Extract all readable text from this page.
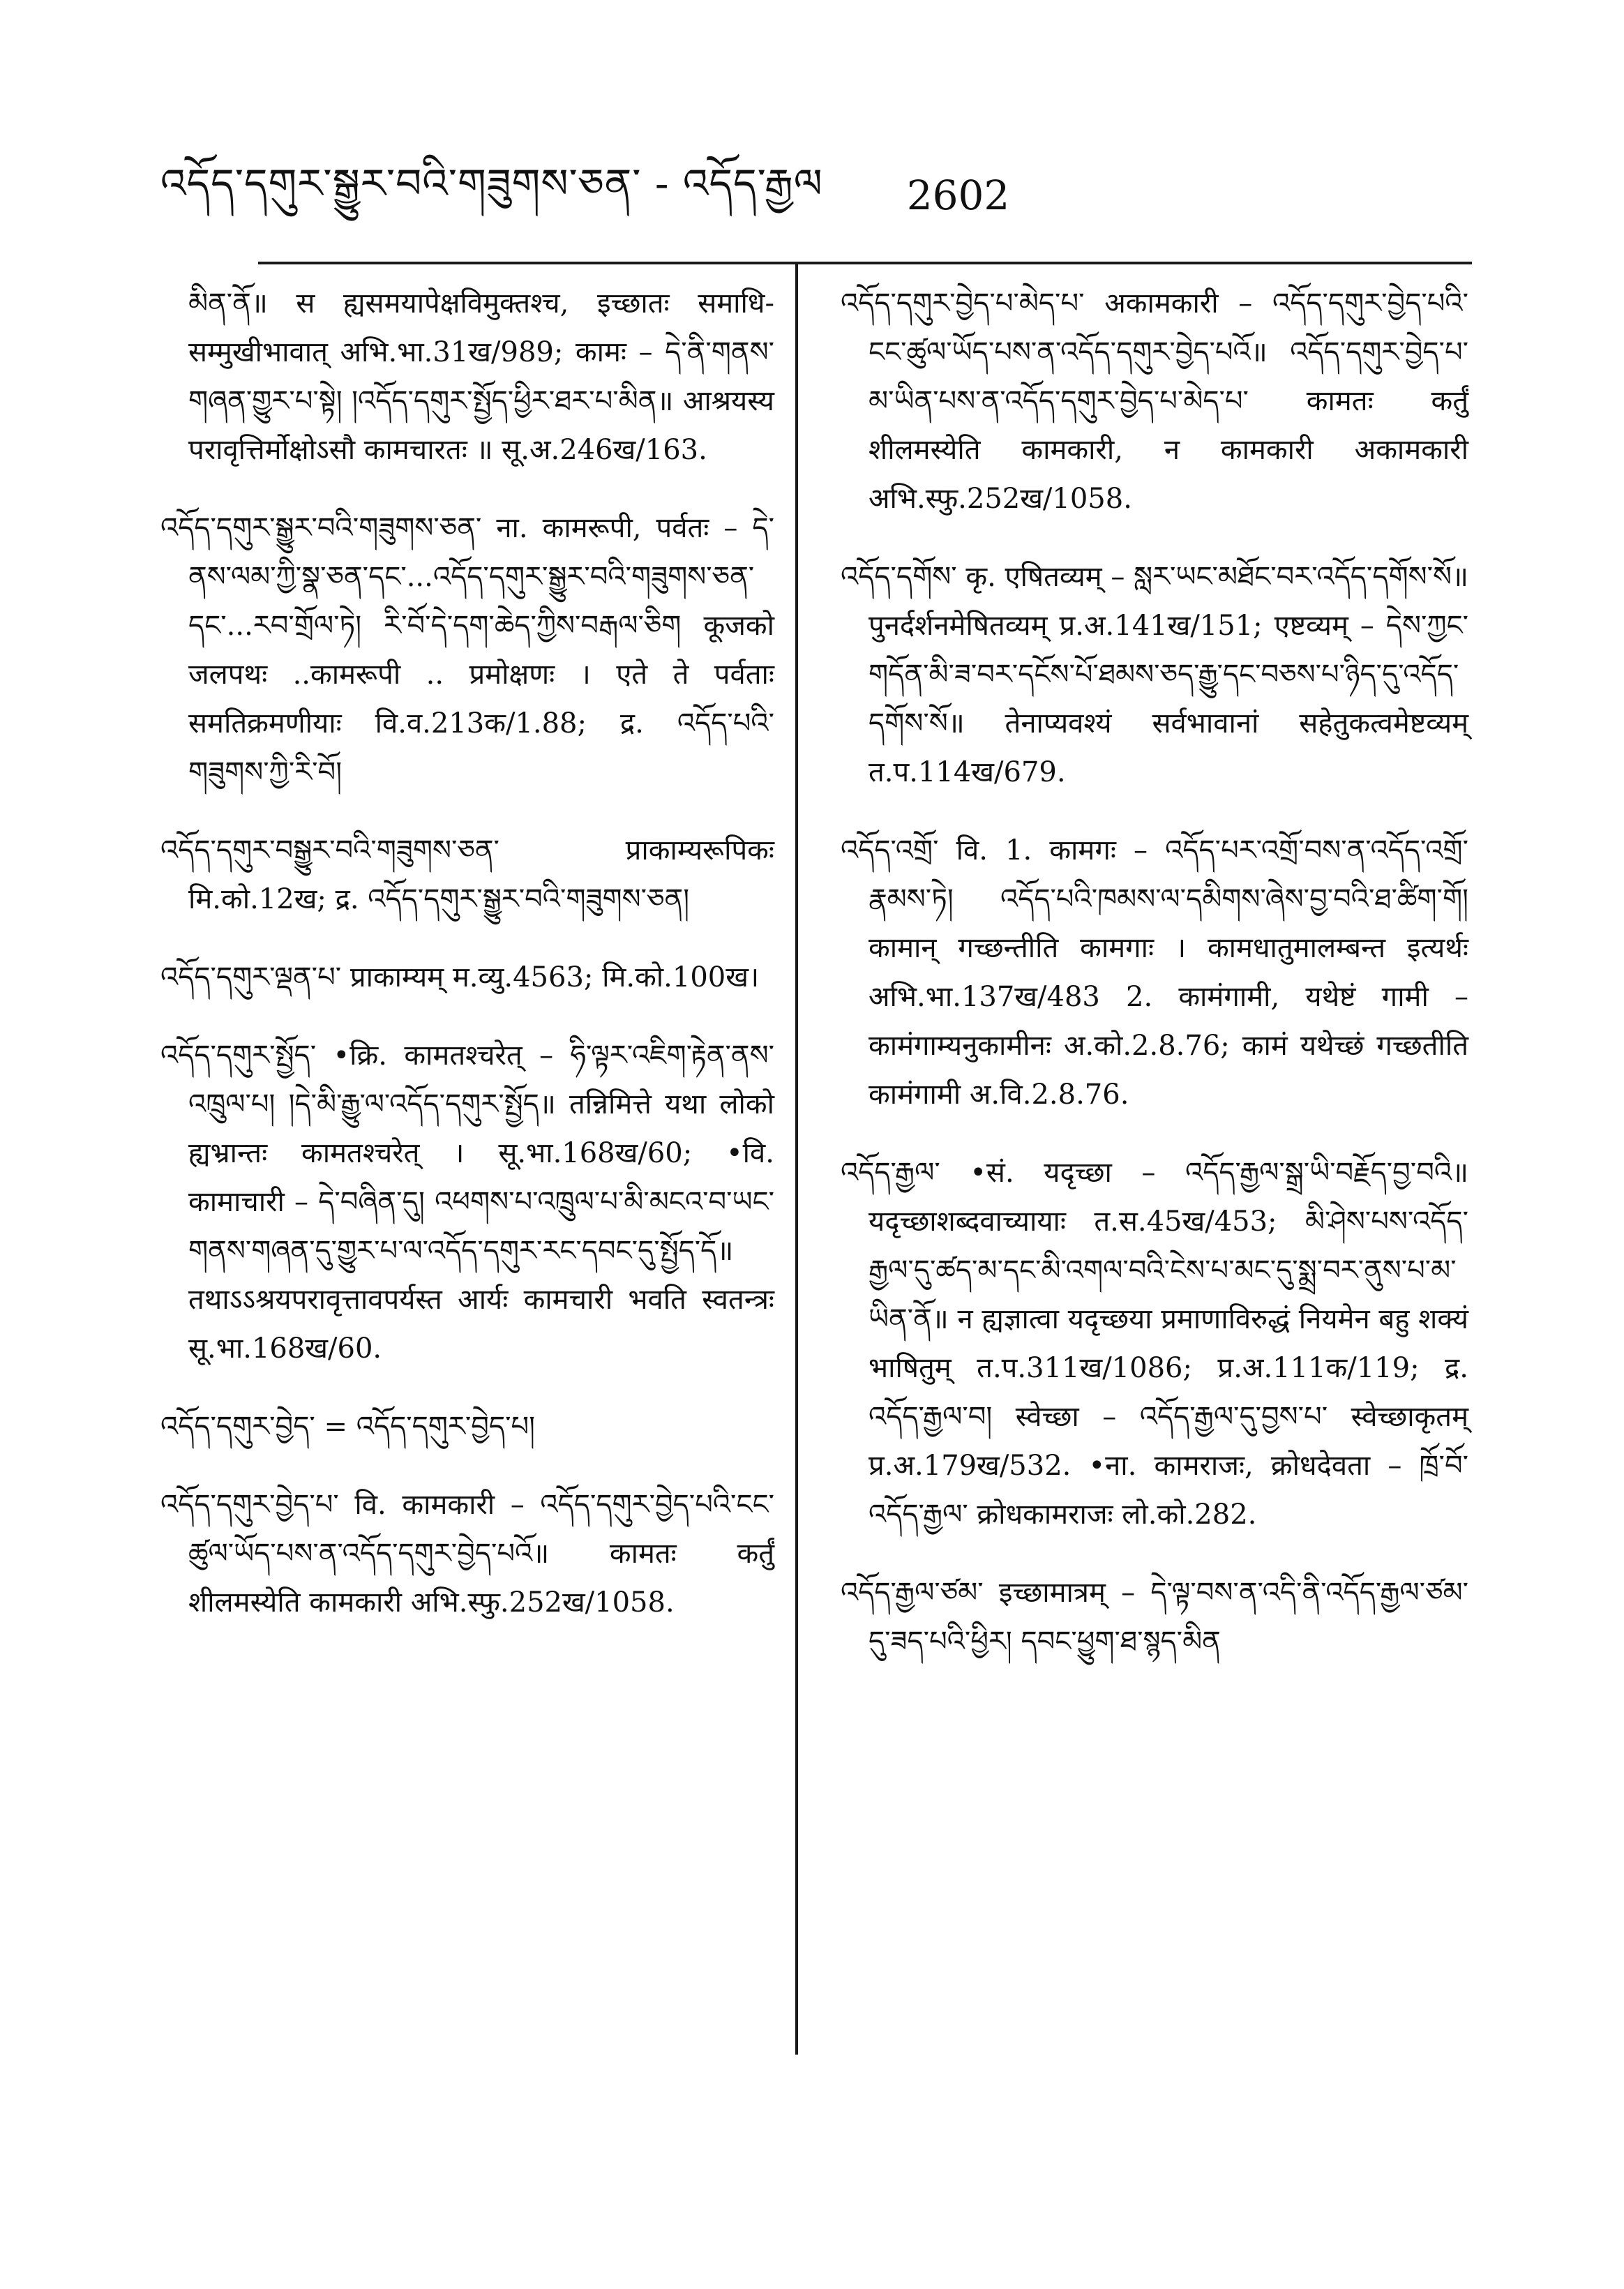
འདོད་དགུར་སྒྱུར་བའི་གཟུགས་ཅན་ - འདོད་རྒྱལ 2602

མིན་ནོ॥ स ह्यसमयापेक्षविमुक्तश्च, इच्छातः समाधि-सम्मुखीभावात् अभि.भा.31ख/989; कामः – དེ་ནི་གནས་གཞན་གྱུར་པ་སྟེ། །འདོད་དགུར་སྤྱོད་ཕྱིར་ཐར་པ་མིན॥ आश्रयस्य परावृत्तिर्मोक्षोऽसौ कामचारतः ॥ सू.अ.246ख/163.

འདོད་དགུར་སྒྱུར་བའི་གཟུགས་ཅན་ ना. कामरूपी, पर्वतः – དེ་ནས་ལམ་ཀྱི་སྣ་ཅན་དང་...འདོད་དགུར་སྒྱུར་བའི་གཟུགས་ཅན་དང་...རབ་གྲོལ་ཏེ། རི་བོ་དེ་དག་ཆེད་ཀྱིས་བརྒལ་ཅིག कूजको जलपथः ..कामरूपी .. प्रमोक्षणः । एते ते पर्वताः समतिक्रमणीयाः वि.व.213क/1.88; द्र. འདོད་པའི་གཟུགས་ཀྱི་རི་བོ།

འདོད་དགུར་བསྒྱུར་བའི་གཟུགས་ཅན་ प्राकाम्यरूपिकः मि.को.12ख; द्र. འདོད་དགུར་སྒྱུར་བའི་གཟུགས་ཅན།

འདོད་དགུར་ལྡན་པ་ प्राकाम्यम् म.व्यु.4563; मि.को.100ख।

འདོད་དགུར་སྤྱོད་ •क्रि. कामतश्चरेत् – ཧི་ལྟར་འཇིག་རྟེན་ནས་འཁྲུལ་པ། །དེ་མི་རྒྱུ་ལ་འདོད་དགུར་སྤྱོད॥ तन्निमित्ते यथा लोको ह्यभ्रान्तः कामतश्चरेत् । सू.भा.168ख/60; •वि. कामाचारी – དེ་བཞིན་དུ། འཕགས་པ་འཁྲུལ་པ་མི་མངའ་བ་ཡང་གནས་གཞན་དུ་གྱུར་པ་ལ་འདོད་དགུར་རང་དབང་དུ་སྤྱོད་དོ॥ तथाऽऽश्रयपरावृत्तावपर्यस्त आर्यः कामचारी भवति स्वतन्त्रः सू.भा.168ख/60.

འདོད་དགུར་བྱེད་ = འདོད་དགུར་བྱེད་པ།

འདོད་དགུར་བྱེད་པ་ वि. कामकारी – འདོད་དགུར་བྱེད་པའི་ངང་ཚུལ་ཡོད་པས་ན་འདོད་དགུར་བྱེད་པའོ॥ कामतः कर्तुं शीलमस्येति कामकारी अभि.स्फु.252ख/1058.

འདོད་དགུར་བྱེད་པ་མེད་པ་ अकामकारी – འདོད་དགུར་བྱེད་པའི་ངང་ཚུལ་ཡོད་པས་ན་འདོད་དགུར་བྱེད་པའོ॥ འདོད་དགུར་བྱེད་པ་མ་ཡིན་པས་ན་འདོད་དགུར་བྱེད་པ་མེད་པ་ कामतः कर्तुं शीलमस्येति कामकारी, न कामकारी अकामकारी अभि.स्फु.252ख/1058.

འདོད་དགོས་ कृ. एषितव्यम् – སླར་ཡང་མཐོང་བར་འདོད་དགོས་སོ॥ पुनर्दर्शनमेषितव्यम् प्र.अ.141ख/151; एष्टव्यम् – དེས་ཀྱང་གདོན་མི་ཟ་བར་དངོས་པོ་ཐམས་ཅད་རྒྱུ་དང་བཅས་པ་ཉིད་དུ་འདོད་དགོས་སོ॥ तेनाप्यवश्यं सर्वभावानां सहेतुकत्वमेष्टव्यम् त.प.114ख/679.

འདོད་འགྲོ་ वि. 1. कामगः – འདོད་པར་འགྲོ་བས་ན་འདོད་འགྲོ་རྣམས་ཏེ། འདོད་པའི་ཁམས་ལ་དམིགས་ཞེས་བྱ་བའི་ཐ་ཚིག་གོ། कामान् गच्छन्तीति कामगाः । कामधातुमालम्बन्त इत्यर्थः अभि.भा.137ख/483 2. कामंगामी, यथेष्टं गामी – कामंगाम्यनुकामीनः अ.को.2.8.76; कामं यथेच्छं गच्छतीति कामंगामी अ.वि.2.8.76.

འདོད་རྒྱལ་ •सं. यदृच्छा – འདོད་རྒྱལ་སྒྲ་ཡི་བརྗོད་བྱ་བའི॥ यदृच्छाशब्दवाच्यायाः त.स.45ख/453; མི་ཤེས་པས་འདོད་རྒྱལ་དུ་ཚད་མ་དང་མི་འགལ་བའི་ངེས་པ་མང་དུ་སྨྲ་བར་ནུས་པ་མ་ཡིན་ནོ॥ न ह्यज्ञात्वा यदृच्छया प्रमाणाविरुद्धं नियमेन बहु शक्यं भाषितुम् त.प.311ख/1086; प्र.अ.111क/119; द्र. འདོད་རྒྱལ་བ། स्वेच्छा – འདོད་རྒྱལ་དུ་བྱས་པ་ स्वेच्छाकृतम् प्र.अ.179ख/532. •ना. कामराजः, क्रोधदेवता – ཁྲོ་བོ་འདོད་རྒྱལ་ क्रोधकामराजः लो.को.282.

འདོད་རྒྱལ་ཙམ་ इच्छामात्रम् – དེ་ལྟ་བས་ན་འདི་ནི་འདོད་རྒྱལ་ཙམ་དུ་ཟད་པའི་ཕྱིར། དབང་ཕྱུག་ཐ་སྙད་མིན
